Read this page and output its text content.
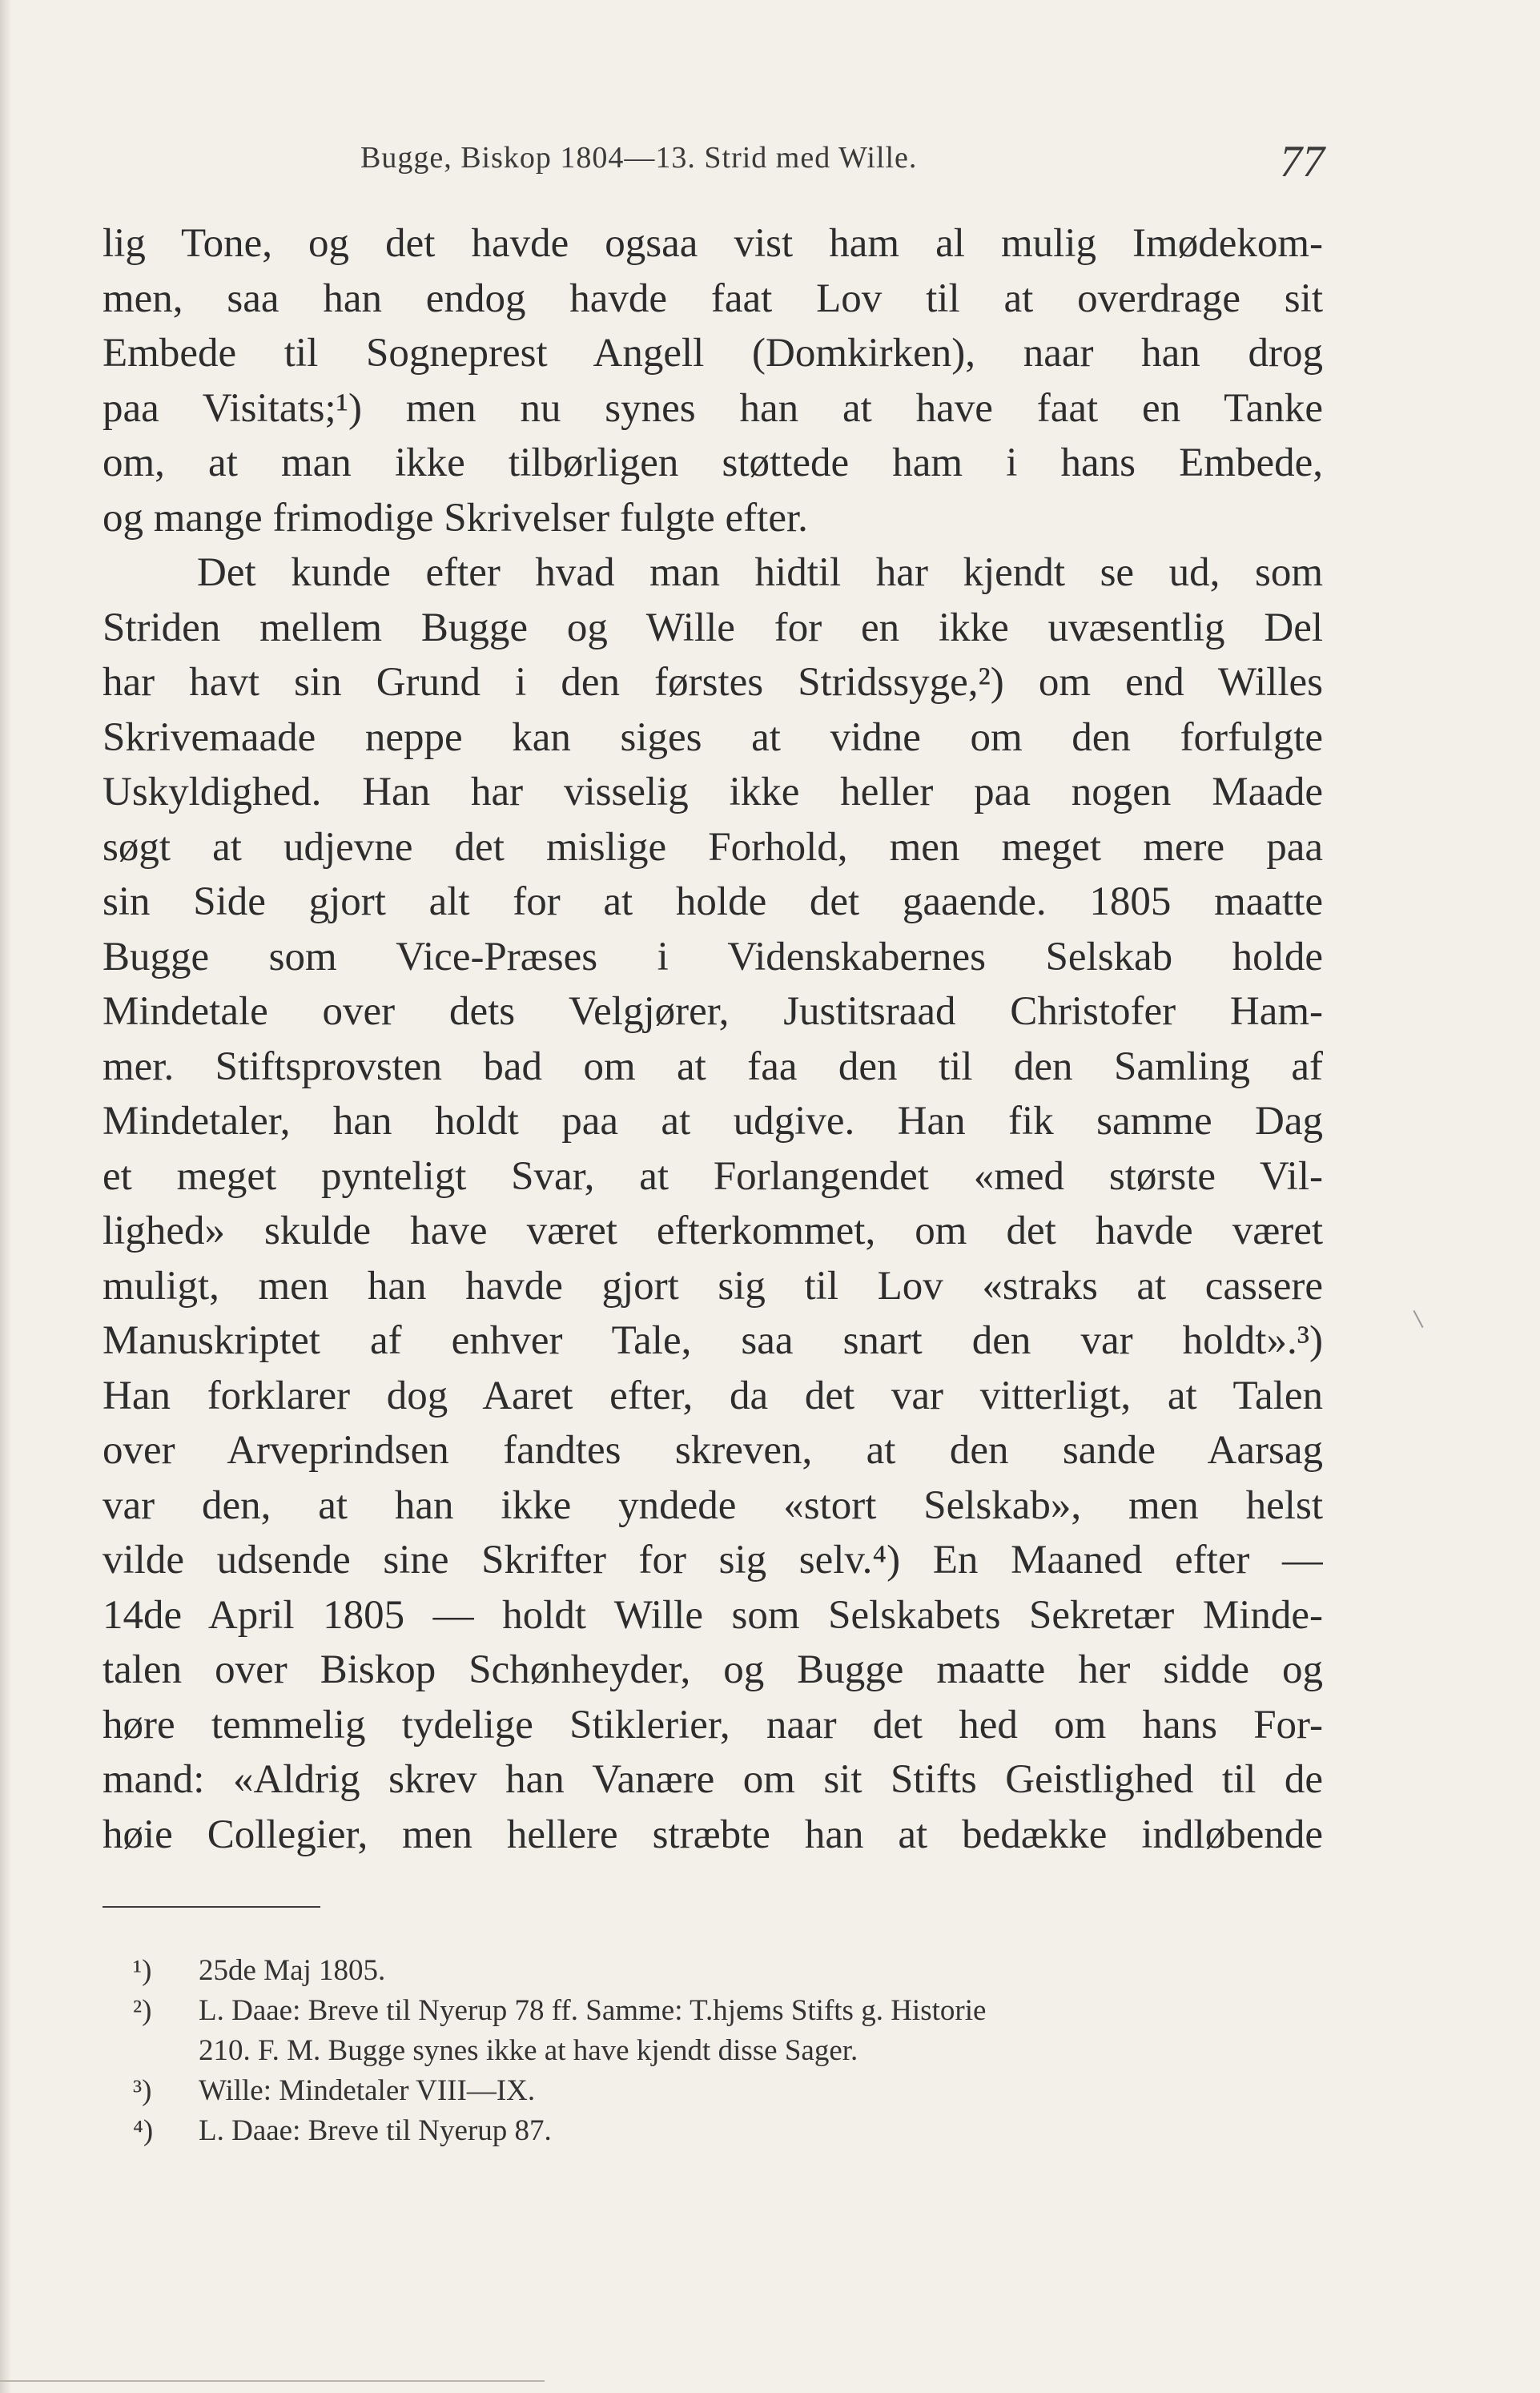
Bugge, Biskop 1804—13. Strid med Wille.	77
lig Tone, og det havde ogsaa vist ham al mulig Imødekom-
men, saa han endog havde faat Lov til at overdrage sit
Embede til Sogneprest Angell (Domkirken), naar han drog
paa Visitats;¹) men nu synes han at have faat en Tanke
om, at man ikke tilbørligen støttede ham i hans Embede,
og mange frimodige Skrivelser fulgte efter.
Det kunde efter hvad man hidtil har kjendt se ud, som
Striden mellem Bugge og Wille for en ikke uvæsentlig Del
har havt sin Grund i den førstes Stridssyge,²) om end Willes
Skrivemaade neppe kan siges at vidne om den forfulgte
Uskyldighed. Han har visselig ikke heller paa nogen Maade
søgt at udjevne det mislige Forhold, men meget mere paa
sin Side gjort alt for at holde det gaaende. 1805 maatte
Bugge som Vice-Præses i Videnskabernes Selskab holde
Mindetale over dets Velgjører, Justitsraad Christofer Ham-
mer. Stiftsprovsten bad om at faa den til den Samling af
Mindetaler, han holdt paa at udgive. Han fik samme Dag
et meget pynteligt Svar, at Forlangendet «med største Vil-
lighed» skulde have været efterkommet, om det havde været
muligt, men han havde gjort sig til Lov «straks at cassere
Manuskriptet af enhver Tale, saa snart den var holdt».³)
Han forklarer dog Aaret efter, da det var vitterligt, at Talen
over Arveprindsen fandtes skreven, at den sande Aarsag
var den, at han ikke yndede «stort Selskab», men helst
vilde udsende sine Skrifter for sig selv.⁴) En Maaned efter —
14de April 1805 — holdt Wille som Selskabets Sekretær Minde-
talen over Biskop Schønheyder, og Bugge maatte her sidde og
høre temmelig tydelige Stiklerier, naar det hed om hans For-
mand: «Aldrig skrev han Vanære om sit Stifts Geistlighed til de
høie Collegier, men hellere stræbte han at bedække indløbende
¹) 25de Maj 1805.
²) L. Daae: Breve til Nyerup 78 ff. Samme: T.hjems Stifts g. Historie
210. F. M. Bugge synes ikke at have kjendt disse Sager.
³) Wille: Mindetaler VIII—IX.
⁴) L. Daae: Breve til Nyerup 87.
